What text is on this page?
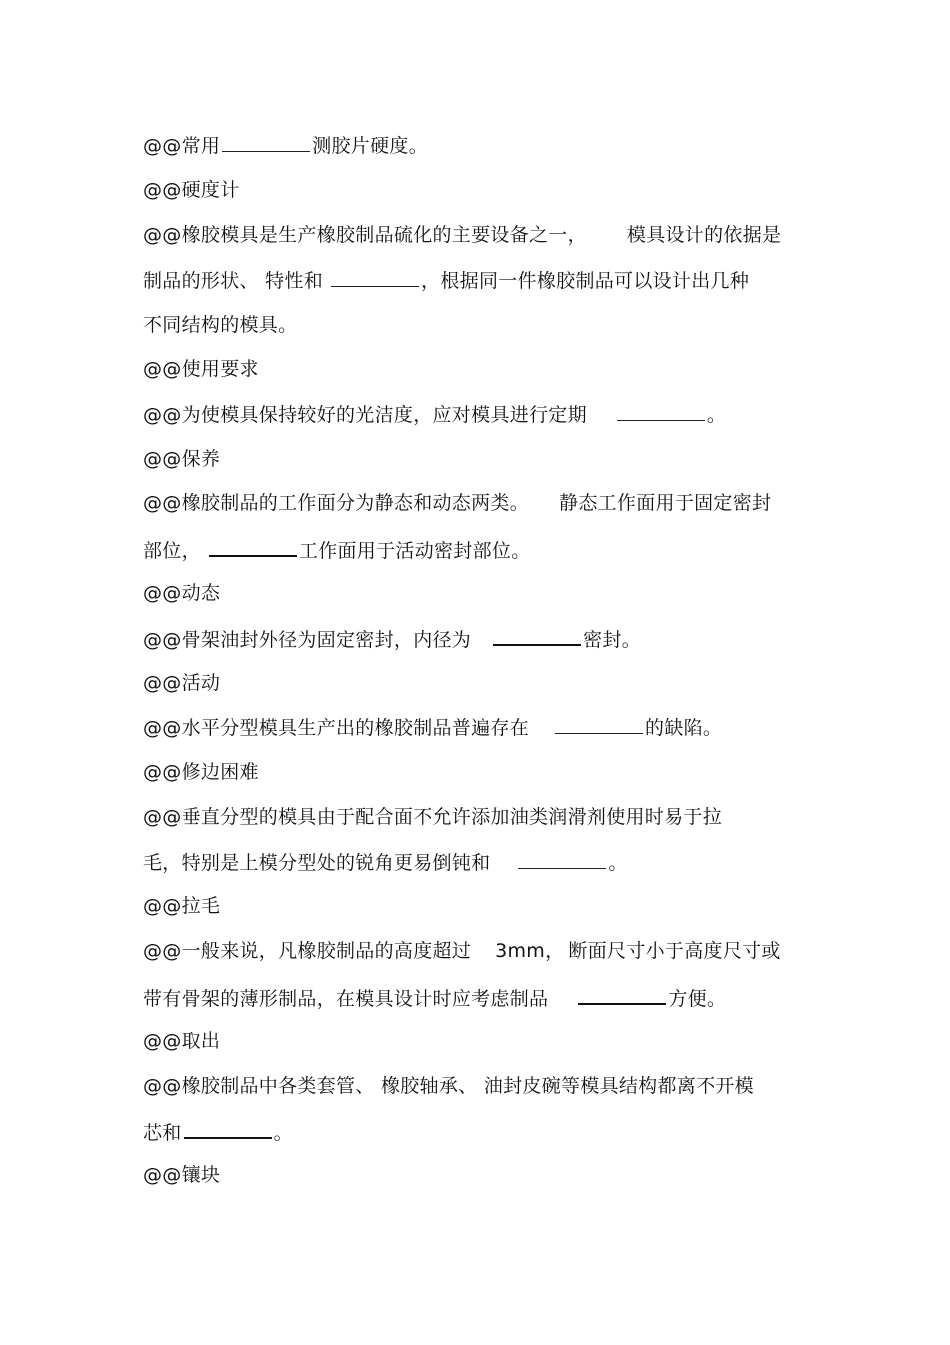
@@常用	测胶片硬度。
@@硬度计
@@橡胶模具是生产橡胶制品硫化的主要设备之一， 模具设计的依据是
制品的形状、 特性和	，根据同一件橡胶制品可以设计出几种
不同结构的模具。
@@使用要求
@@为使模具保持较好的光洁度，应对模具进行定期	。
@@保养
@@橡胶制品的工作面分为静态和动态两类。 静态工作面用于固定密封
部位，	工作面用于活动密封部位。
@@动态
@@骨架油封外径为固定密封，内径为	密封。
@@活动
@@水平分型模具生产出的橡胶制品普遍存在	的缺陷。
@@修边困难
@@垂直分型的模具由于配合面不允许添加油类润滑剂使用时易于拉
毛，特别是上模分型处的锐角更易倒钝和	。
@@拉毛
@@一般来说，凡橡胶制品的高度超过 3mm， 断面尺寸小于高度尺寸或
带有骨架的薄形制品，在模具设计时应考虑制品	方便。
@@取出
@@橡胶制品中各类套管、 橡胶轴承、 油封皮碗等模具结构都离不开模
芯和	。
@@镶块
